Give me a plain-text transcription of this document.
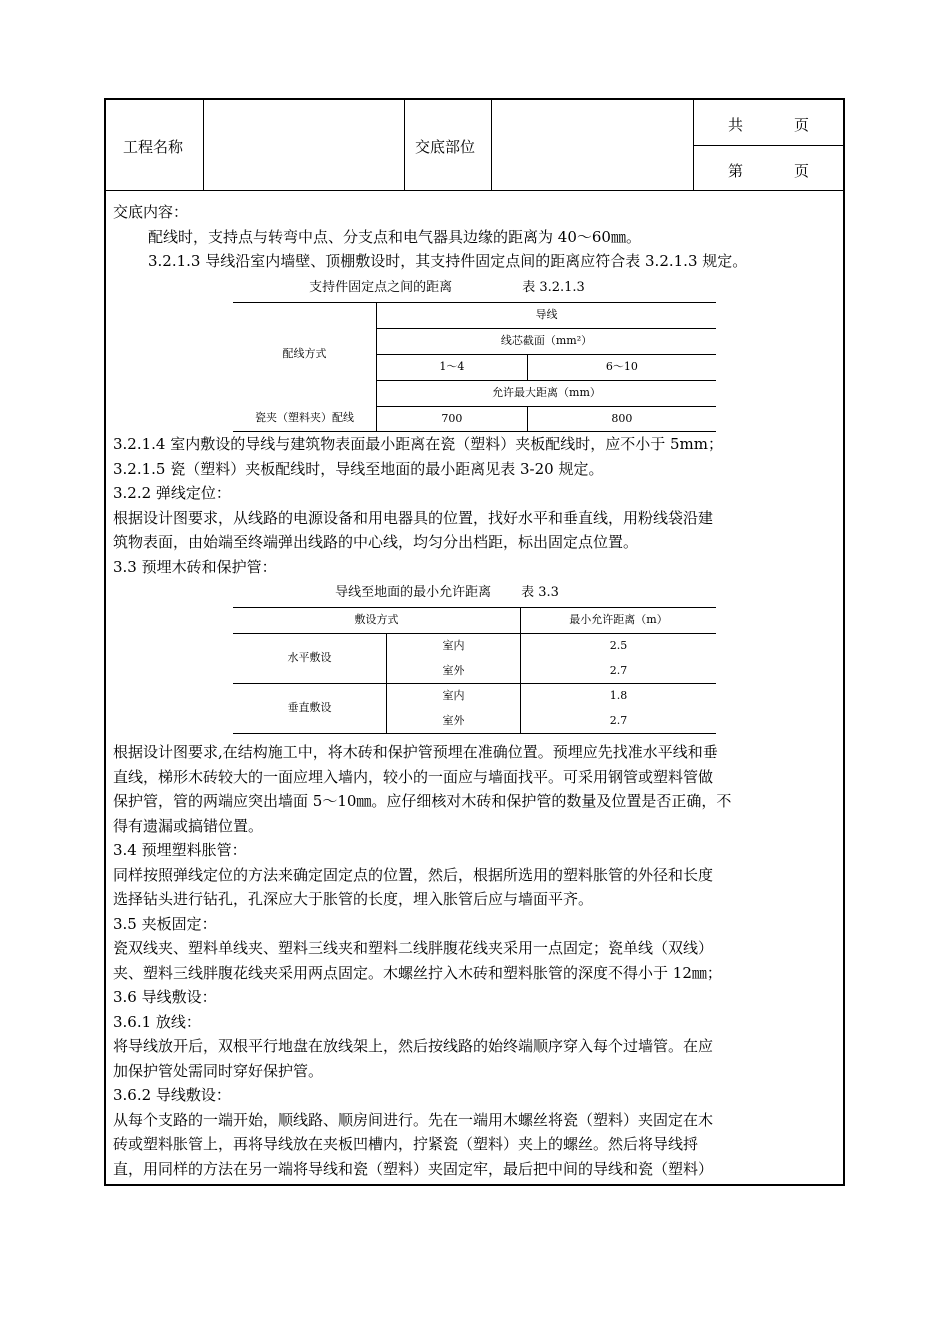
工程名称	交底部位
共	页
第	页

交底内容：

配线时，支持点与转弯中点、分支点和电气器具边缘的距离为 40～60㎜。

3.2.1.3 导线沿室内墙壁、顶棚敷设时，其支持件固定点间的距离应符合表 3.2.1.3 规定。

支持件固定点之间的距离	表 3.2.1.3
配线方式	导线	
	线芯截面（mm²）	
	1～4	6～10
	允许最大距离（mm）	
瓷夹（塑料夹）配线	700	800

3.2.1.4 室内敷设的导线与建筑物表面最小距离在瓷（塑料）夹板配线时，应不小于 5mm；

3.2.1.5 瓷（塑料）夹板配线时，导线至地面的最小距离见表 3-20 规定。

3.2.2 弹线定位：

根据设计图要求，从线路的电源设备和用电器具的位置，找好水平和垂直线，用粉线袋沿建

筑物表面，由始端至终端弹出线路的中心线，均匀分出档距，标出固定点位置。

3.3 预埋木砖和保护管：

导线至地面的最小允许距离 表 3.3
敷设方式		最小允许距离（m）
水平敷设	室内	2.5
	室外	2.7
垂直敷设	室内	1.8
	室外	2.7

根据设计图要求,在结构施工中，将木砖和保护管预埋在准确位置。预埋应先找准水平线和垂

直线，梯形木砖较大的一面应埋入墙内，较小的一面应与墙面找平。可采用钢管或塑料管做

保护管，管的两端应突出墙面 5～10㎜。应仔细核对木砖和保护管的数量及位置是否正确，不

得有遗漏或搞错位置。

3.4 预埋塑料胀管：

同样按照弹线定位的方法来确定固定点的位置，然后，根据所选用的塑料胀管的外径和长度

选择钻头进行钻孔，孔深应大于胀管的长度，埋入胀管后应与墙面平齐。

3.5 夹板固定：

瓷双线夹、塑料单线夹、塑料三线夹和塑料二线胖腹花线夹采用一点固定；瓷单线（双线）

夹、塑料三线胖腹花线夹采用两点固定。木螺丝拧入木砖和塑料胀管的深度不得小于 12㎜；

3.6 导线敷设：

3.6.1 放线：

将导线放开后，双根平行地盘在放线架上，然后按线路的始终端顺序穿入每个过墙管。在应

加保护管处需同时穿好保护管。

3.6.2 导线敷设：

从每个支路的一端开始，顺线路、顺房间进行。先在一端用木螺丝将瓷（塑料）夹固定在木

砖或塑料胀管上，再将导线放在夹板凹槽内，拧紧瓷（塑料）夹上的螺丝。然后将导线捋

直，用同样的方法在另一端将导线和瓷（塑料）夹固定牢，最后把中间的导线和瓷（塑料）
